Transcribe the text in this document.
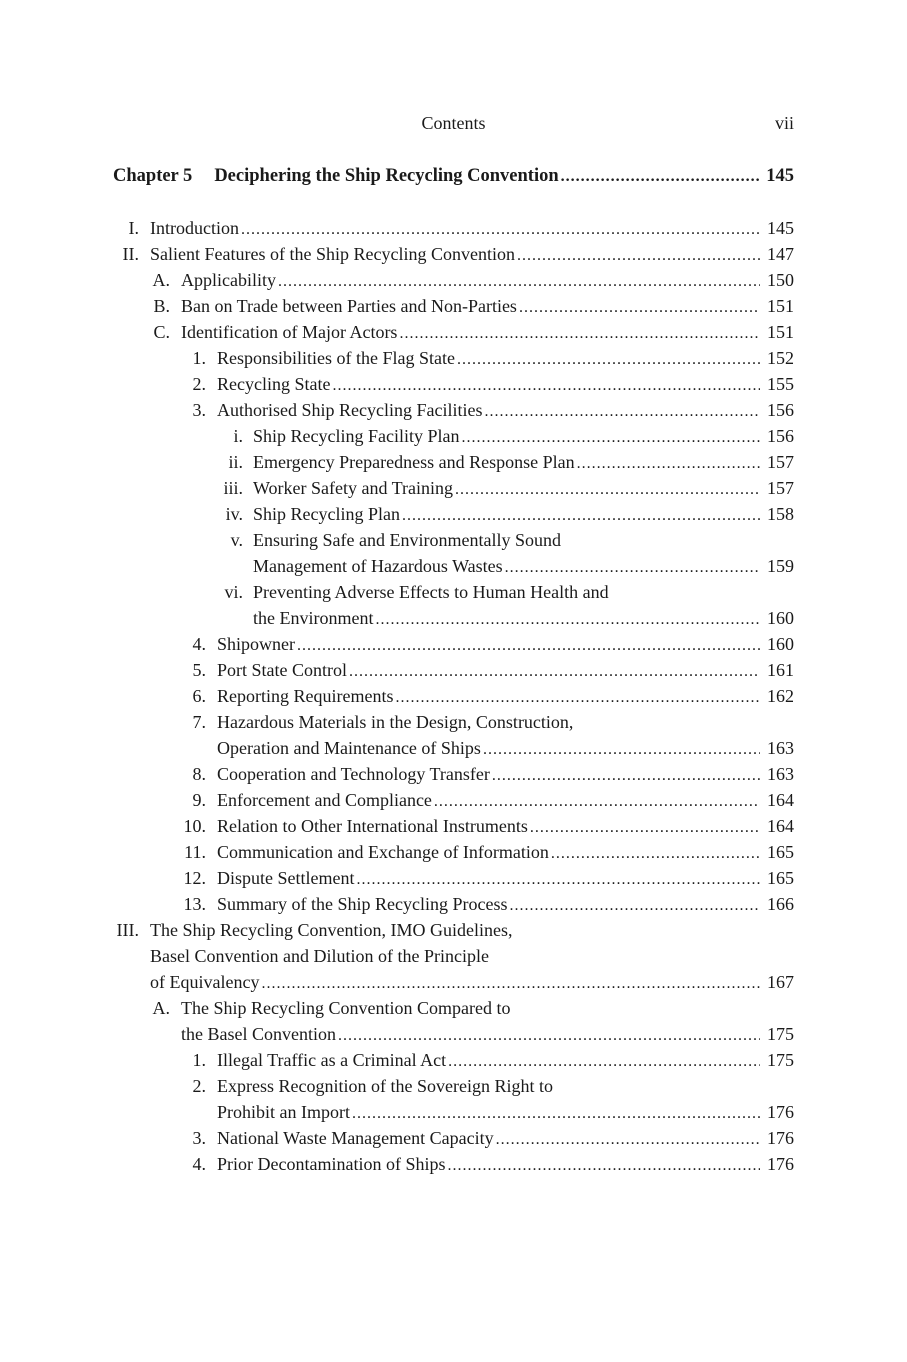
Contents	vii
Chapter 5 Deciphering the Ship Recycling Convention .....	145
I. Introduction .....	145
II. Salient Features of the Ship Recycling Convention .....	147
A. Applicability .....	150
B. Ban on Trade between Parties and Non-Parties .....	151
C. Identification of Major Actors .....	151
1. Responsibilities of the Flag State .....	152
2. Recycling State .....	155
3. Authorised Ship Recycling Facilities .....	156
i. Ship Recycling Facility Plan .....	156
ii. Emergency Preparedness and Response Plan .....	157
iii. Worker Safety and Training .....	157
iv. Ship Recycling Plan .....	158
v. Ensuring Safe and Environmentally Sound
Management of Hazardous Wastes .....	159
vi. Preventing Adverse Effects to Human Health and
the Environment .....	160
4. Shipowner .....	160
5. Port State Control .....	161
6. Reporting Requirements .....	162
7. Hazardous Materials in the Design, Construction,
Operation and Maintenance of Ships .....	163
8. Cooperation and Technology Transfer .....	163
9. Enforcement and Compliance .....	164
10. Relation to Other International Instruments .....	164
11. Communication and Exchange of Information .....	165
12. Dispute Settlement .....	165
13. Summary of the Ship Recycling Process .....	166
III. The Ship Recycling Convention, IMO Guidelines,
Basel Convention and Dilution of the Principle
of Equivalency .....	167
A. The Ship Recycling Convention Compared to
the Basel Convention .....	175
1. Illegal Traffic as a Criminal Act .....	175
2. Express Recognition of the Sovereign Right to
Prohibit an Import .....	176
3. National Waste Management Capacity .....	176
4. Prior Decontamination of Ships .....	176
